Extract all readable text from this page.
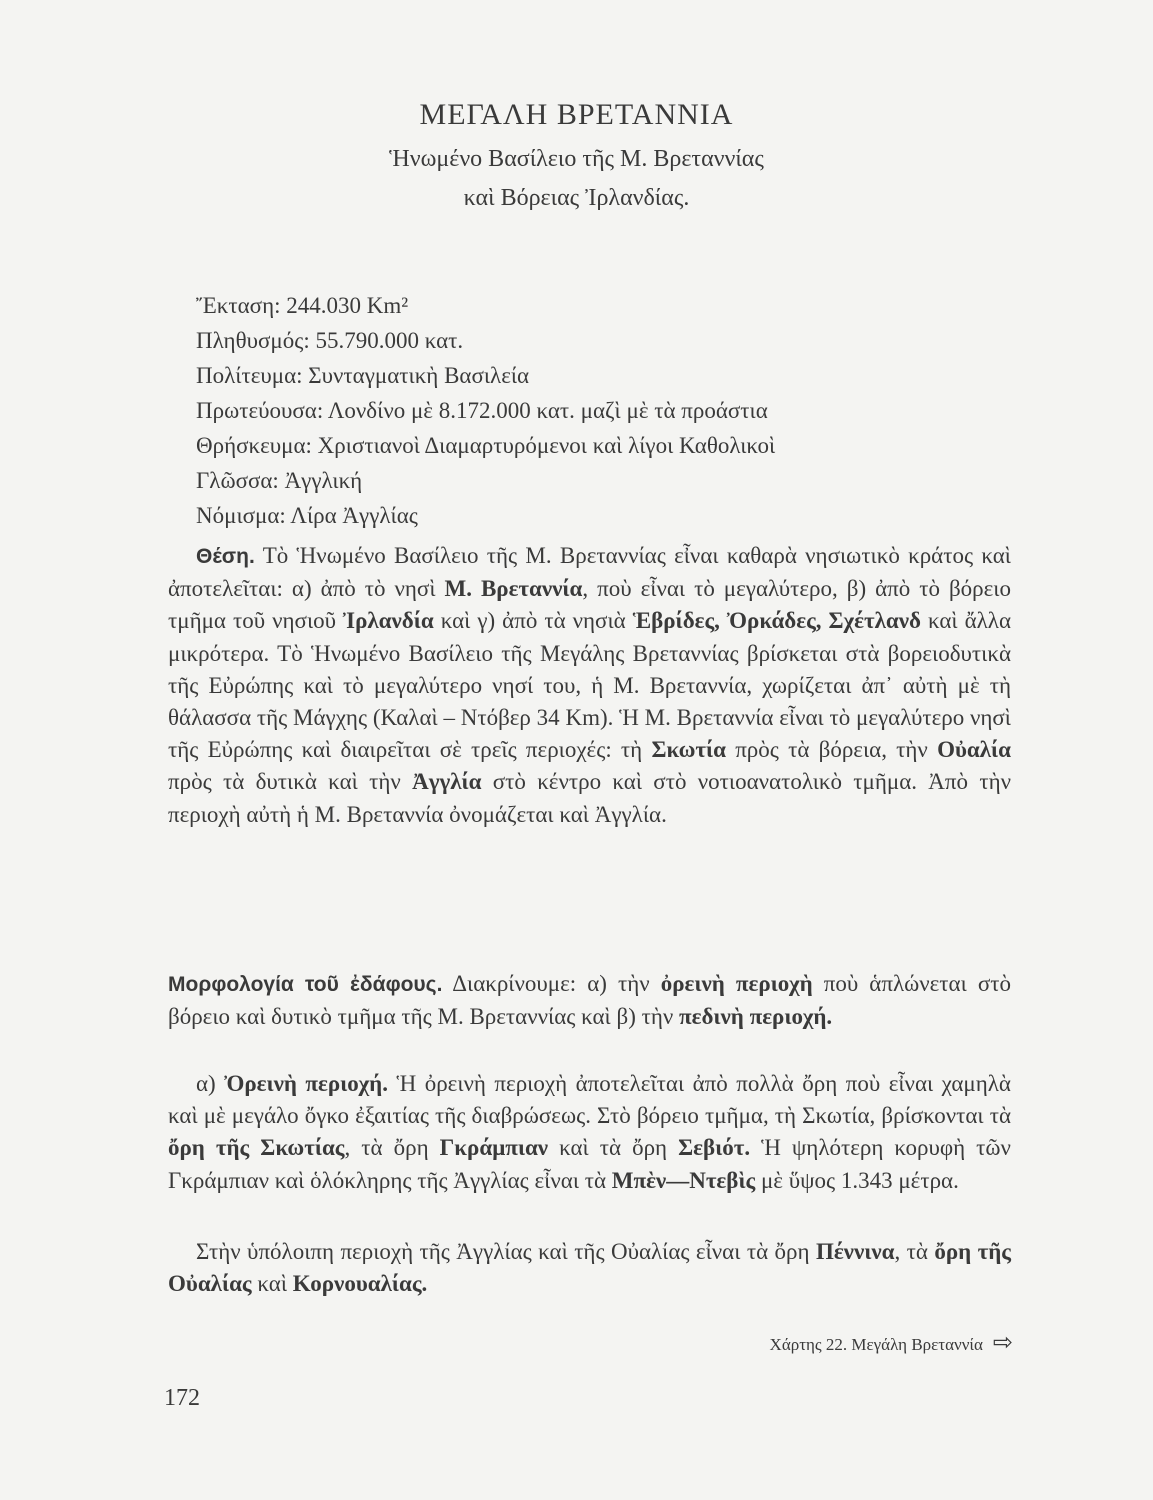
ΜΕΓΑΛΗ ΒΡΕΤΑΝΝΙΑ
Ἡνωμένο Βασίλειο τῆς Μ. Βρεταννίας
καὶ Βόρειας Ἰρλανδίας.
Ἔκταση: 244.030 Km²
Πληθυσμός: 55.790.000 κατ.
Πολίτευμα: Συνταγματικὴ Βασιλεία
Πρωτεύουσα: Λονδίνο μὲ 8.172.000 κατ. μαζὶ μὲ τὰ προάστια
Θρήσκευμα: Χριστιανοὶ Διαμαρτυρόμενοι καὶ λίγοι Καθολικοὶ
Γλῶσσα: Ἀγγλική
Νόμισμα: Λίρα Ἀγγλίας

Θέση. Τὸ Ἡνωμένο Βασίλειο τῆς Μ. Βρεταννίας εἶναι καθαρὰ νησιωτικὸ κράτος καὶ ἀποτελεῖται: α) ἀπὸ τὸ νησὶ Μ. Βρεταννία, ποὺ εἶναι τὸ μεγαλύτερο, β) ἀπὸ τὸ βόρειο τμῆμα τοῦ νησιοῦ Ἰρλανδία καὶ γ) ἀπὸ τὰ νησιὰ Ἑβρίδες, Ὀρκάδες, Σχέτλανδ καὶ ἄλλα μικρότερα. Τὸ Ἡνωμένο Βασίλειο τῆς Μεγάλης Βρεταννίας βρίσκεται στὰ βορειοδυτικὰ τῆς Εὐρώπης καὶ τὸ μεγαλύτερο νησί του, ἡ Μ. Βρεταννία, χωρίζεται ἀπ᾿ αὐτὴ μὲ τὴ θάλασσα τῆς Μάγχης (Καλαὶ – Ντόβερ 34 Km). Ἡ Μ. Βρεταννία εἶναι τὸ μεγαλύτερο νησὶ τῆς Εὐρώπης καὶ διαιρεῖται σὲ τρεῖς περιοχές: τὴ Σκωτία πρὸς τὰ βόρεια, τὴν Οὐαλία πρὸς τὰ δυτικὰ καὶ τὴν Ἀγγλία στὸ κέντρο καὶ στὸ νοτιοανατολικὸ τμῆμα. Ἀπὸ τὴν περιοχὴ αὐτὴ ἡ Μ. Βρεταννία ὀνομάζεται καὶ Ἀγγλία.

Μορφολογία τοῦ ἐδάφους. Διακρίνουμε: α) τὴν ὀρεινὴ περιοχὴ ποὺ ἁπλώνεται στὸ βόρειο καὶ δυτικὸ τμῆμα τῆς Μ. Βρεταννίας καὶ β) τὴν πεδινὴ περιοχή.

α) Ὀρεινὴ περιοχή. Ἡ ὀρεινὴ περιοχὴ ἀποτελεῖται ἀπὸ πολλὰ ὄρη ποὺ εἶναι χαμηλὰ καὶ μὲ μεγάλο ὄγκο ἐξαιτίας τῆς διαβρώσεως. Στὸ βόρειο τμῆμα, τὴ Σκωτία, βρίσκονται τὰ ὄρη τῆς Σκωτίας, τὰ ὄρη Γκράμπιαν καὶ τὰ ὄρη Σεβιότ. Ἡ ψηλότερη κορυφὴ τῶν Γκράμπιαν καὶ ὁλόκληρης τῆς Ἀγγλίας εἶναι τὰ Μπὲν—Ντεβὶς μὲ ὕψος 1.343 μέτρα.

Στὴν ὑπόλοιπη περιοχὴ τῆς Ἀγγλίας καὶ τῆς Οὐαλίας εἶναι τὰ ὄρη Πέννινα, τὰ ὄρη τῆς Οὐαλίας καὶ Κορνουαλίας.

Χάρτης 22. Μεγάλη Βρεταννία ⇨
172
